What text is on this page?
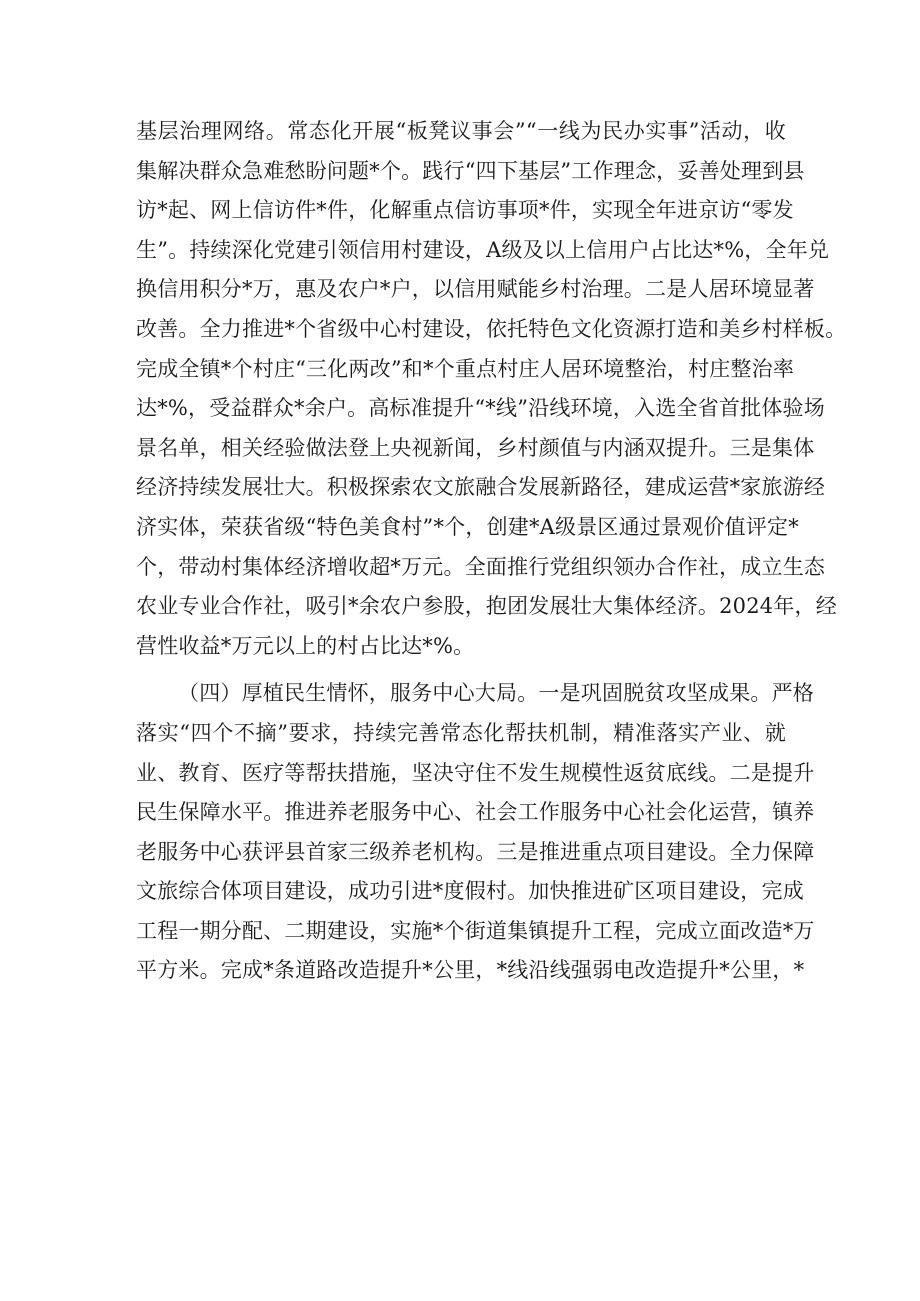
基层治理网络。常态化开展“板凳议事会”“一线为民办实事”活动，收
集解决群众急难愁盼问题*个。践行“四下基层”工作理念，妥善处理到县
访*起、网上信访件*件，化解重点信访事项*件，实现全年进京访“零发
生”。持续深化党建引领信用村建设，A级及以上信用户占比达*%，全年兑
换信用积分*万，惠及农户*户，以信用赋能乡村治理。二是人居环境显著
改善。全力推进*个省级中心村建设，依托特色文化资源打造和美乡村样板。
完成全镇*个村庄“三化两改”和*个重点村庄人居环境整治，村庄整治率
达*%，受益群众*余户。高标准提升“*线”沿线环境，入选全省首批体验场
景名单，相关经验做法登上央视新闻，乡村颜值与内涵双提升。三是集体
经济持续发展壮大。积极探索农文旅融合发展新路径，建成运营*家旅游经
济实体，荣获省级“特色美食村”*个，创建*A级景区通过景观价值评定*
个，带动村集体经济增收超*万元。全面推行党组织领办合作社，成立生态
农业专业合作社，吸引*余农户参股，抱团发展壮大集体经济。2024年，经
营性收益*万元以上的村占比达*%。

（四）厚植民生情怀，服务中心大局。一是巩固脱贫攻坚成果。严格
落实“四个不摘”要求，持续完善常态化帮扶机制，精准落实产业、就
业、教育、医疗等帮扶措施，坚决守住不发生规模性返贫底线。二是提升
民生保障水平。推进养老服务中心、社会工作服务中心社会化运营，镇养
老服务中心获评县首家三级养老机构。三是推进重点项目建设。全力保障
文旅综合体项目建设，成功引进*度假村。加快推进矿区项目建设，完成
工程一期分配、二期建设，实施*个街道集镇提升工程，完成立面改造*万
平方米。完成*条道路改造提升*公里，*线沿线强弱电改造提升*公里，*
